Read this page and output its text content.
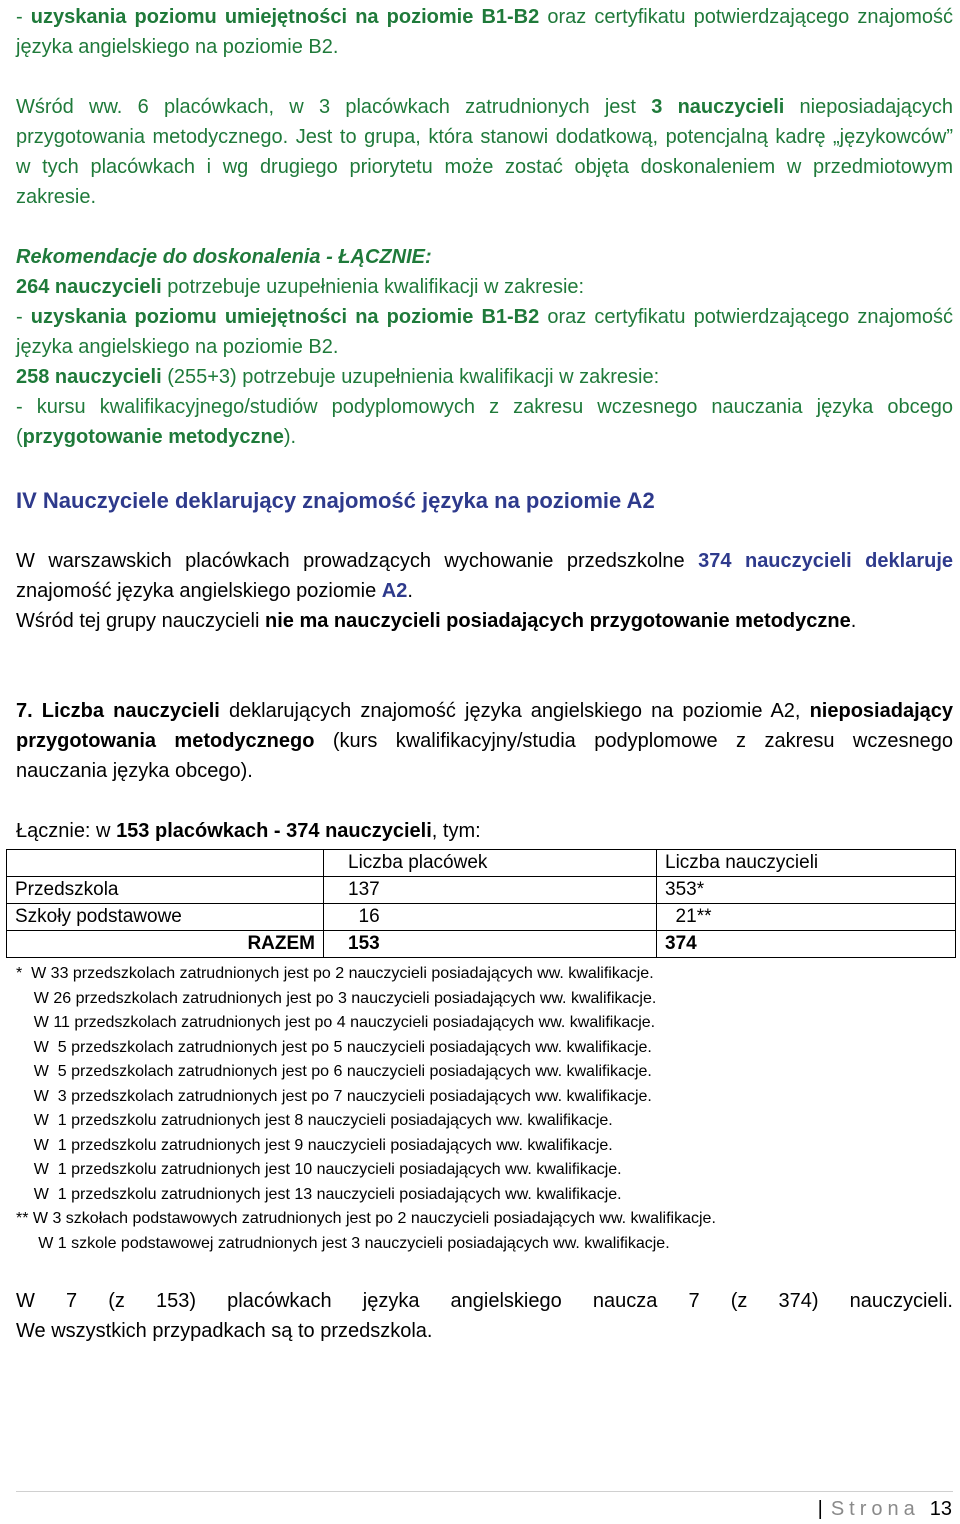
- uzyskania poziomu umiejętności na poziomie B1-B2 oraz certyfikatu potwierdzającego znajomość języka angielskiego na poziomie B2.
Wśród ww. 6 placówkach, w 3 placówkach zatrudnionych jest 3 nauczycieli nieposiadających przygotowania metodycznego. Jest to grupa, która stanowi dodatkową, potencjalną kadrę „językowców” w tych placówkach i wg drugiego priorytetu może zostać objęta doskonaleniem w przedmiotowym zakresie.
Rekomendacje do doskonalenia - ŁĄCZNIE:
264 nauczycieli potrzebuje uzupełnienia kwalifikacji w zakresie:
- uzyskania poziomu umiejętności na poziomie B1-B2 oraz certyfikatu potwierdzającego znajomość języka angielskiego na poziomie B2.
258 nauczycieli (255+3) potrzebuje uzupełnienia kwalifikacji w zakresie:
- kursu kwalifikacyjnego/studiów podyplomowych z zakresu wczesnego nauczania języka obcego (przygotowanie metodyczne).
IV Nauczyciele deklarujący znajomość języka na poziomie A2
W warszawskich placówkach prowadzących wychowanie przedszkolne 374 nauczycieli deklaruje znajomość języka angielskiego poziomie A2.
Wśród tej grupy nauczycieli nie ma nauczycieli posiadających przygotowanie metodyczne.
7. Liczba nauczycieli deklarujących znajomość języka angielskiego na poziomie A2, nieposiadający przygotowania metodycznego (kurs kwalifikacyjny/studia podyplomowe z zakresu wczesnego nauczania języka obcego).
Łącznie: w 153 placówkach - 374 nauczycieli, tym:
	Liczba placówek	Liczba nauczycieli
Przedszkola	137	353*
Szkoły podstawowe	16	21**
RAZEM	153	374
*  W 33 przedszkolach zatrudnionych jest po 2 nauczycieli posiadających ww. kwalifikacje.
W 26 przedszkolach zatrudnionych jest po 3 nauczycieli posiadających ww. kwalifikacje.
W 11 przedszkolach zatrudnionych jest po 4 nauczycieli posiadających ww. kwalifikacje.
W  5 przedszkolach zatrudnionych jest po 5 nauczycieli posiadających ww. kwalifikacje.
W  5 przedszkolach zatrudnionych jest po 6 nauczycieli posiadających ww. kwalifikacje.
W  3 przedszkolach zatrudnionych jest po 7 nauczycieli posiadających ww. kwalifikacje.
W  1 przedszkolu zatrudnionych jest 8 nauczycieli posiadających ww. kwalifikacje.
W  1 przedszkolu zatrudnionych jest 9 nauczycieli posiadających ww. kwalifikacje.
W  1 przedszkolu zatrudnionych jest 10 nauczycieli posiadających ww. kwalifikacje.
W  1 przedszkolu zatrudnionych jest 13 nauczycieli posiadających ww. kwalifikacje.
** W 3 szkołach podstawowych zatrudnionych jest po 2 nauczycieli posiadających ww. kwalifikacje.
W 1 szkole podstawowej zatrudnionych jest 3 nauczycieli posiadających ww. kwalifikacje.
W 7 (z 153) placówkach języka angielskiego naucza 7 (z 374) nauczycieli.
We wszystkich przypadkach są to przedszkola.
| Strona 13
